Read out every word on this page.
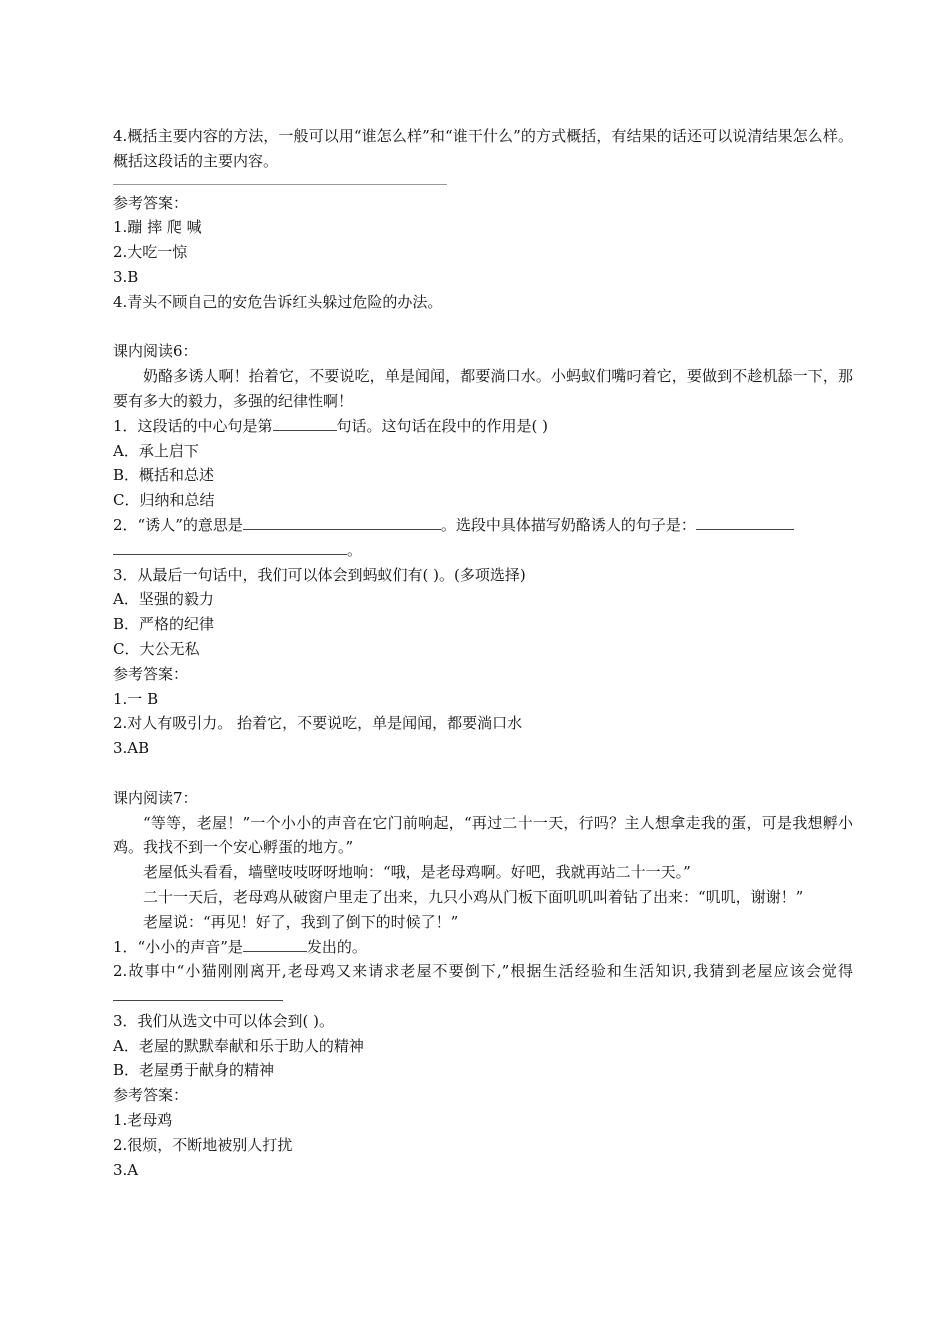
4.概括主要内容的方法，一般可以用“谁怎么样”和“谁干什么”的方式概括，有结果的话还可以说清结果怎么样。概括这段话的主要内容。
参考答案：
1.蹦 摔 爬 喊
2.大吃一惊
3.B
4.青头不顾自己的安危告诉红头躲过危险的办法。
课内阅读6：
奶酪多诱人啊！抬着它，不要说吃，单是闻闻，都要淌口水。小蚂蚁们嘴叼着它，要做到不趁机舔一下，那要有多大的毅力，多强的纪律性啊！
1．这段话的中心句是第	句话。这句话在段中的作用是( )
A．承上启下
B．概括和总述
C．归纳和总结
2．“诱人”的意思是	。选段中具体描写奶酪诱人的句子是：
。
3．从最后一句话中，我们可以体会到蚂蚁们有( )。(多项选择)
A．坚强的毅力
B．严格的纪律
C．大公无私
参考答案：
1.一 B
2.对人有吸引力。 抬着它，不要说吃，单是闻闻，都要淌口水
3.AB
课内阅读7：
“等等，老屋！”一个小小的声音在它门前响起，“再过二十一天，行吗？主人想拿走我的蛋，可是我想孵小鸡。我找不到一个安心孵蛋的地方。”
老屋低头看看，墙壁吱吱呀呀地响：“哦，是老母鸡啊。好吧，我就再站二十一天。”
二十一天后，老母鸡从破窗户里走了出来，九只小鸡从门板下面叽叽叫着钻了出来：“叽叽，谢谢！”
老屋说：“再见！好了，我到了倒下的时候了！”
1．“小小的声音”是	发出的。
2.故事中“小猫刚刚离开,老母鸡又来请求老屋不要倒下,”根据生活经验和生活知识,我猜到老屋应该会觉得
3．我们从选文中可以体会到( )。
A．老屋的默默奉献和乐于助人的精神
B．老屋勇于献身的精神
参考答案：
1.老母鸡
2.很烦，不断地被别人打扰
3.A
